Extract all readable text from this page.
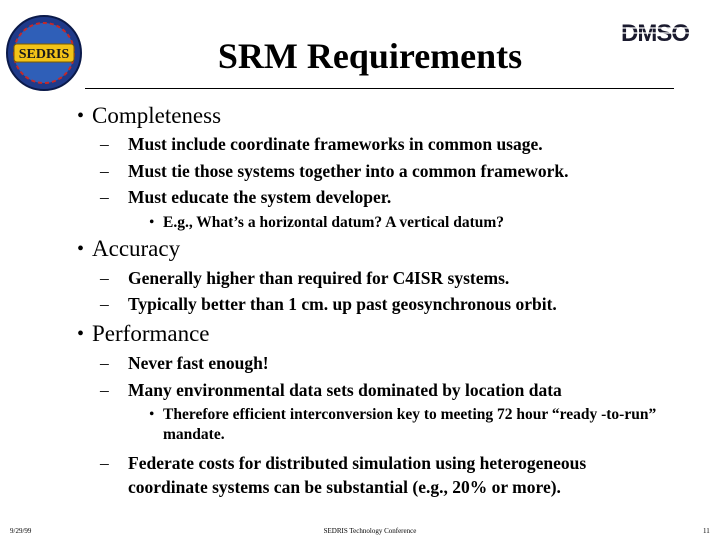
SEDRIS
DMSO
SRM Requirements
• Completeness
– Must include coordinate frameworks in common usage.
– Must tie those systems together into a common framework.
– Must educate the system developer.
• E.g., What’s a horizontal datum? A vertical datum?
• Accuracy
– Generally higher than required for C4ISR systems.
– Typically better than 1 cm. up past geosynchronous orbit.
• Performance
– Never fast enough!
– Many environmental data sets dominated by location data
• Therefore efficient interconversion key to meeting 72 hour “ready -to-run” mandate.
– Federate costs for distributed simulation using heterogeneous coordinate systems can be substantial (e.g., 20% or more).
9/29/99	SEDRIS Technology Conference	11
